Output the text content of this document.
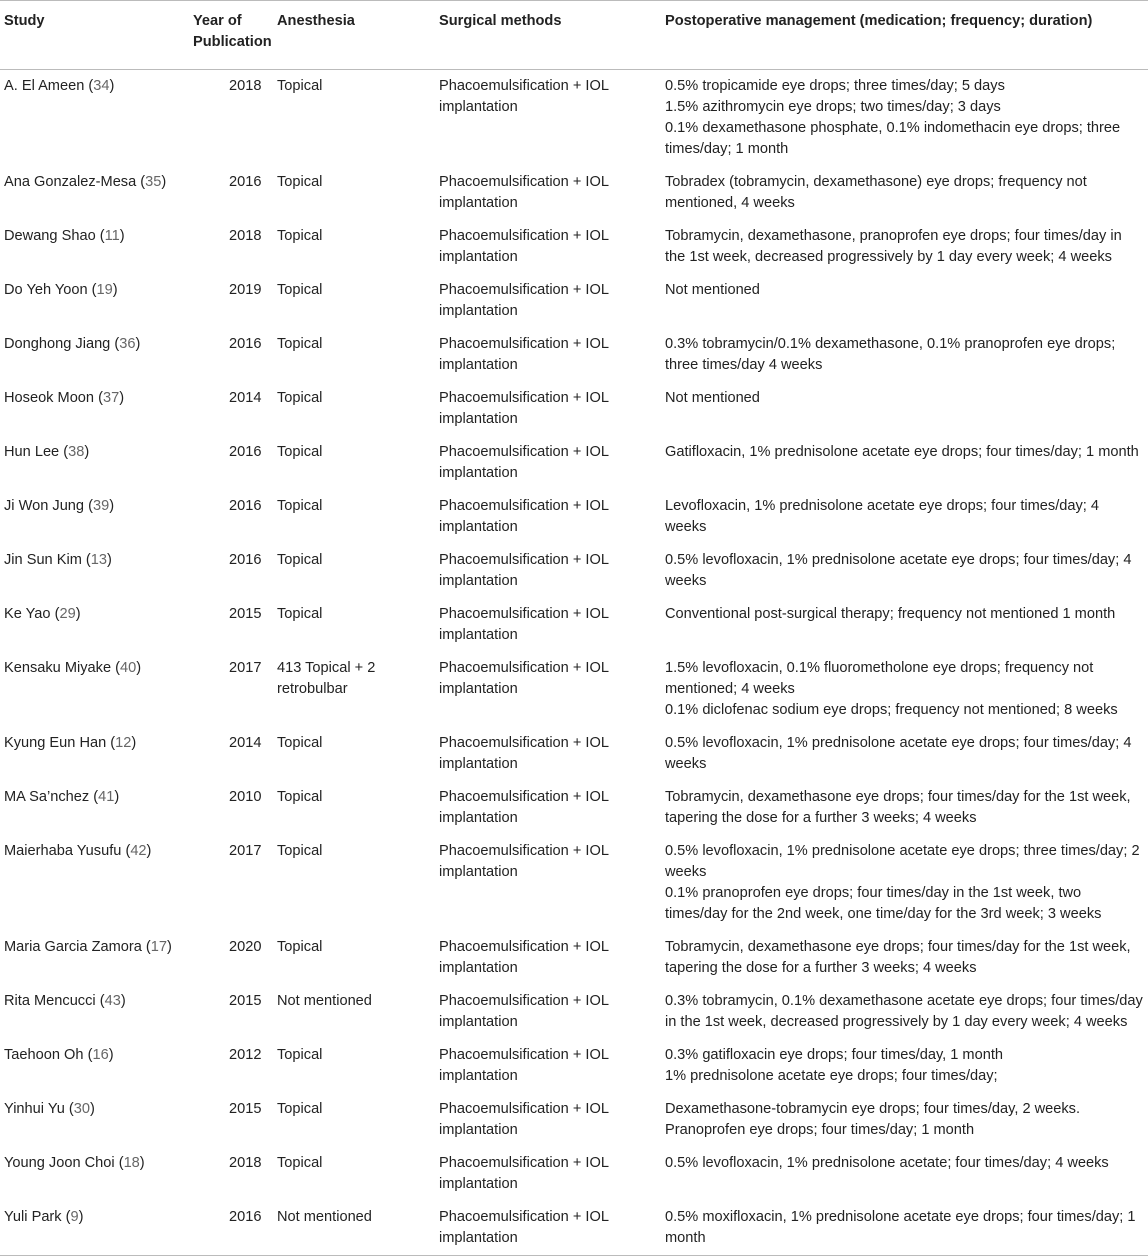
Study	Year of Publication	Anesthesia	Surgical methods	Postoperative management (medication; frequency; duration)
A. El Ameen (34)	2018	Topical	Phacoemulsification + IOL implantation	0.5% tropicamide eye drops; three times/day; 5 days
1.5% azithromycin eye drops; two times/day; 3 days
0.1% dexamethasone phosphate, 0.1% indomethacin eye drops; three times/day; 1 month

Ana Gonzalez-Mesa (35)	2016	Topical	Phacoemulsification + IOL implantation	Tobradex (tobramycin, dexamethasone) eye drops; frequency not mentioned, 4 weeks

Dewang Shao (11)	2018	Topical	Phacoemulsification + IOL implantation	Tobramycin, dexamethasone, pranoprofen eye drops; four times/day in the 1st week, decreased progressively by 1 day every week; 4 weeks

Do Yeh Yoon (19)	2019	Topical	Phacoemulsification + IOL implantation	Not mentioned

Donghong Jiang (36)	2016	Topical	Phacoemulsification + IOL implantation	0.3% tobramycin/0.1% dexamethasone, 0.1% pranoprofen eye drops; three times/day 4 weeks

Hoseok Moon (37)	2014	Topical	Phacoemulsification + IOL implantation	Not mentioned

Hun Lee (38)	2016	Topical	Phacoemulsification + IOL implantation	Gatifloxacin, 1% prednisolone acetate eye drops; four times/day; 1 month

Ji Won Jung (39)	2016	Topical	Phacoemulsification + IOL implantation	Levofloxacin, 1% prednisolone acetate eye drops; four times/day; 4 weeks

Jin Sun Kim (13)	2016	Topical	Phacoemulsification + IOL implantation	0.5% levofloxacin, 1% prednisolone acetate eye drops; four times/day; 4 weeks

Ke Yao (29)	2015	Topical	Phacoemulsification + IOL implantation	Conventional post-surgical therapy; frequency not mentioned 1 month

Kensaku Miyake (40)	2017	413 Topical + 2 retrobulbar	Phacoemulsification + IOL implantation	1.5% levofloxacin, 0.1% fluorometholone eye drops; frequency not mentioned; 4 weeks
0.1% diclofenac sodium eye drops; frequency not mentioned; 8 weeks

Kyung Eun Han (12)	2014	Topical	Phacoemulsification + IOL implantation	0.5% levofloxacin, 1% prednisolone acetate eye drops; four times/day; 4 weeks

MA Sa’nchez (41)	2010	Topical	Phacoemulsification + IOL implantation	Tobramycin, dexamethasone eye drops; four times/day for the 1st week, tapering the dose for a further 3 weeks; 4 weeks

Maierhaba Yusufu (42)	2017	Topical	Phacoemulsification + IOL implantation	0.5% levofloxacin, 1% prednisolone acetate eye drops; three times/day; 2 weeks
0.1% pranoprofen eye drops; four times/day in the 1st week, two times/day for the 2nd week, one time/day for the 3rd week; 3 weeks

Maria Garcia Zamora (17)	2020	Topical	Phacoemulsification + IOL implantation	Tobramycin, dexamethasone eye drops; four times/day for the 1st week, tapering the dose for a further 3 weeks; 4 weeks

Rita Mencucci (43)	2015	Not mentioned	Phacoemulsification + IOL implantation	0.3% tobramycin, 0.1% dexamethasone acetate eye drops; four times/day in the 1st week, decreased progressively by 1 day every week; 4 weeks

Taehoon Oh (16)	2012	Topical	Phacoemulsification + IOL implantation	0.3% gatifloxacin eye drops; four times/day, 1 month
1% prednisolone acetate eye drops; four times/day;

Yinhui Yu (30)	2015	Topical	Phacoemulsification + IOL implantation	Dexamethasone-tobramycin eye drops; four times/day, 2 weeks.
Pranoprofen eye drops; four times/day; 1 month

Young Joon Choi (18)	2018	Topical	Phacoemulsification + IOL implantation	0.5% levofloxacin, 1% prednisolone acetate; four times/day; 4 weeks

Yuli Park (9)	2016	Not mentioned	Phacoemulsification + IOL implantation	0.5% moxifloxacin, 1% prednisolone acetate eye drops; four times/day; 1 month
